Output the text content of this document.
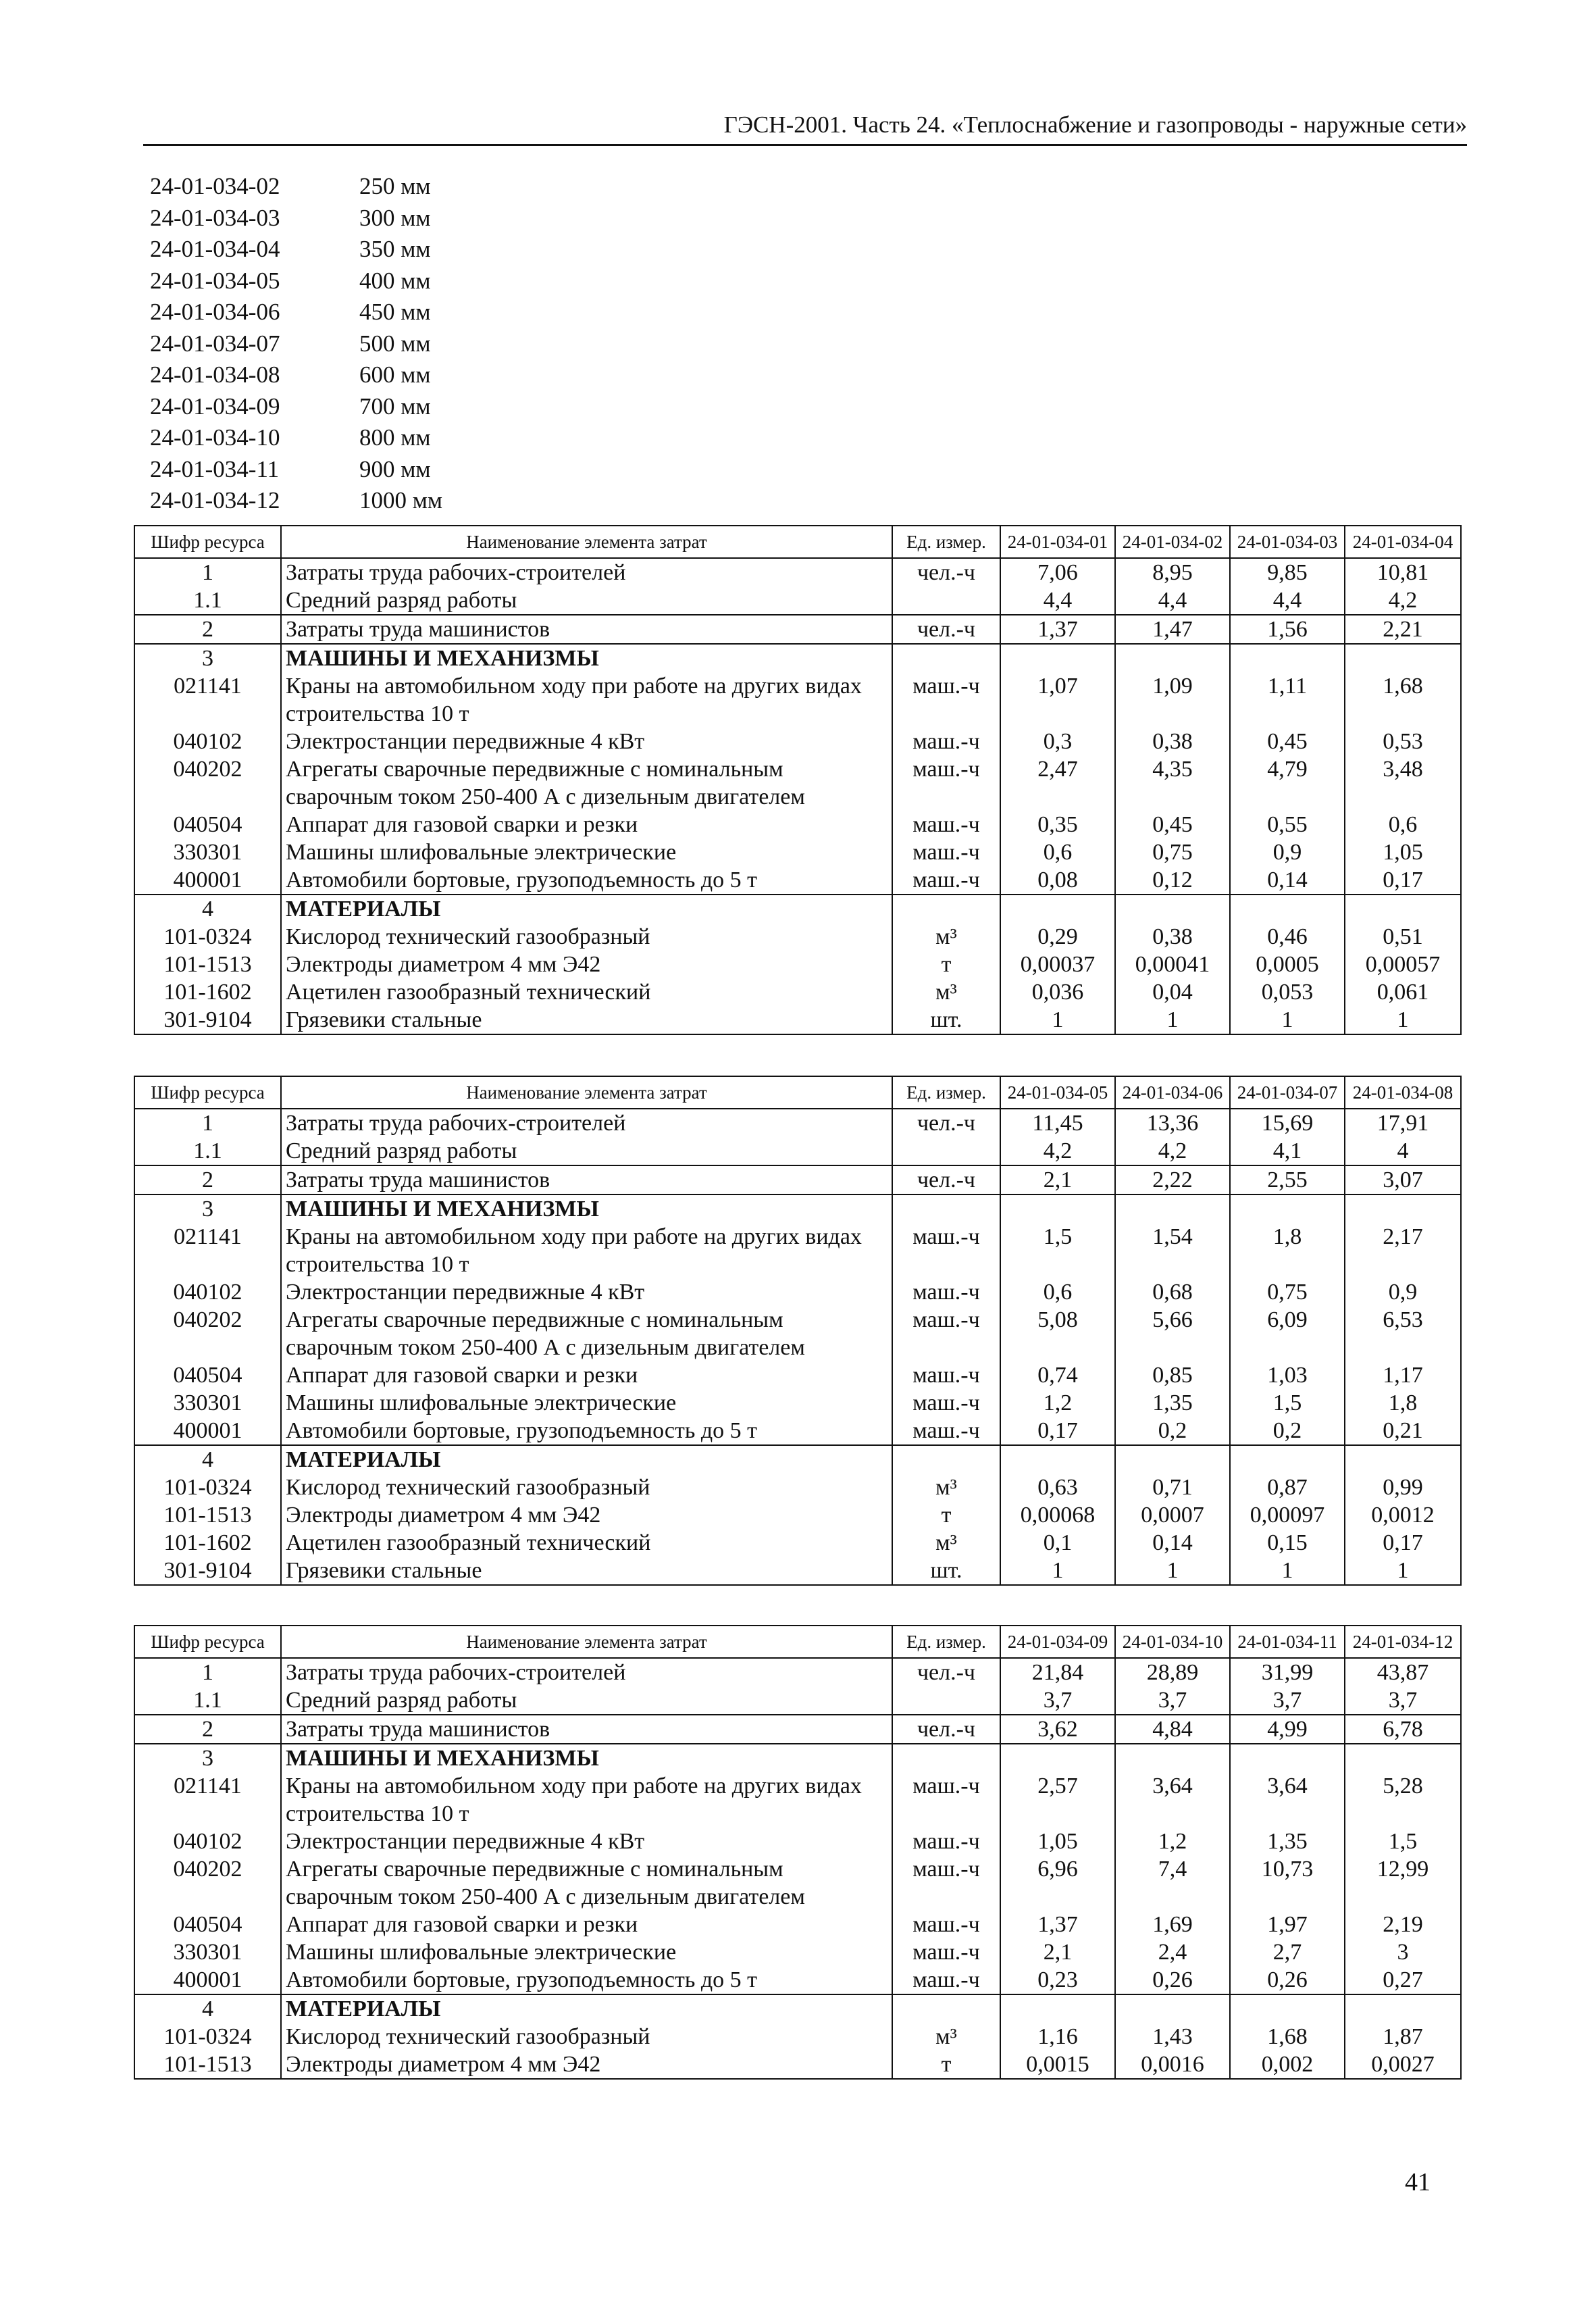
ГЭСН-2001. Часть 24. «Теплоснабжение и газопроводы - наружные сети»
24-01-034-02	250 мм
24-01-034-03	300 мм
24-01-034-04	350 мм
24-01-034-05	400 мм
24-01-034-06	450 мм
24-01-034-07	500 мм
24-01-034-08	600 мм
24-01-034-09	700 мм
24-01-034-10	800 мм
24-01-034-11	900 мм
24-01-034-12	1000 мм
Шифр ресурса	Наименование элемента затрат	Ед. измер.	24-01-034-01	24-01-034-02	24-01-034-03	24-01-034-04
1	Затраты труда рабочих-строителей	чел.-ч	7,06	8,95	9,85	10,81
1.1	Средний разряд работы		4,4	4,4	4,4	4,2
2	Затраты труда машинистов	чел.-ч	1,37	1,47	1,56	2,21
3	МАШИНЫ И МЕХАНИЗМЫ					
021141	Краны на автомобильном ходу при работе на других видах строительства 10 т	маш.-ч	1,07	1,09	1,11	1,68
040102	Электростанции передвижные 4 кВт	маш.-ч	0,3	0,38	0,45	0,53
040202	Агрегаты сварочные передвижные с номинальным сварочным током 250-400 А с дизельным двигателем	маш.-ч	2,47	4,35	4,79	3,48
040504	Аппарат для газовой сварки и резки	маш.-ч	0,35	0,45	0,55	0,6
330301	Машины шлифовальные электрические	маш.-ч	0,6	0,75	0,9	1,05
400001	Автомобили бортовые, грузоподъемность до 5 т	маш.-ч	0,08	0,12	0,14	0,17
4	МАТЕРИАЛЫ					
101-0324	Кислород технический газообразный	м³	0,29	0,38	0,46	0,51
101-1513	Электроды диаметром 4 мм Э42	т	0,00037	0,00041	0,0005	0,00057
101-1602	Ацетилен газообразный технический	м³	0,036	0,04	0,053	0,061
301-9104	Грязевики стальные	шт.	1	1	1	1
Шифр ресурса	Наименование элемента затрат	Ед. измер.	24-01-034-05	24-01-034-06	24-01-034-07	24-01-034-08
1	Затраты труда рабочих-строителей	чел.-ч	11,45	13,36	15,69	17,91
1.1	Средний разряд работы		4,2	4,2	4,1	4
2	Затраты труда машинистов	чел.-ч	2,1	2,22	2,55	3,07
3	МАШИНЫ И МЕХАНИЗМЫ					
021141	Краны на автомобильном ходу при работе на других видах строительства 10 т	маш.-ч	1,5	1,54	1,8	2,17
040102	Электростанции передвижные 4 кВт	маш.-ч	0,6	0,68	0,75	0,9
040202	Агрегаты сварочные передвижные с номинальным сварочным током 250-400 А с дизельным двигателем	маш.-ч	5,08	5,66	6,09	6,53
040504	Аппарат для газовой сварки и резки	маш.-ч	0,74	0,85	1,03	1,17
330301	Машины шлифовальные электрические	маш.-ч	1,2	1,35	1,5	1,8
400001	Автомобили бортовые, грузоподъемность до 5 т	маш.-ч	0,17	0,2	0,2	0,21
4	МАТЕРИАЛЫ					
101-0324	Кислород технический газообразный	м³	0,63	0,71	0,87	0,99
101-1513	Электроды диаметром 4 мм Э42	т	0,00068	0,0007	0,00097	0,0012
101-1602	Ацетилен газообразный технический	м³	0,1	0,14	0,15	0,17
301-9104	Грязевики стальные	шт.	1	1	1	1
Шифр ресурса	Наименование элемента затрат	Ед. измер.	24-01-034-09	24-01-034-10	24-01-034-11	24-01-034-12
1	Затраты труда рабочих-строителей	чел.-ч	21,84	28,89	31,99	43,87
1.1	Средний разряд работы		3,7	3,7	3,7	3,7
2	Затраты труда машинистов	чел.-ч	3,62	4,84	4,99	6,78
3	МАШИНЫ И МЕХАНИЗМЫ					
021141	Краны на автомобильном ходу при работе на других видах строительства 10 т	маш.-ч	2,57	3,64	3,64	5,28
040102	Электростанции передвижные 4 кВт	маш.-ч	1,05	1,2	1,35	1,5
040202	Агрегаты сварочные передвижные с номинальным сварочным током 250-400 А с дизельным двигателем	маш.-ч	6,96	7,4	10,73	12,99
040504	Аппарат для газовой сварки и резки	маш.-ч	1,37	1,69	1,97	2,19
330301	Машины шлифовальные электрические	маш.-ч	2,1	2,4	2,7	3
400001	Автомобили бортовые, грузоподъемность до 5 т	маш.-ч	0,23	0,26	0,26	0,27
4	МАТЕРИАЛЫ					
101-0324	Кислород технический газообразный	м³	1,16	1,43	1,68	1,87
101-1513	Электроды диаметром 4 мм Э42	т	0,0015	0,0016	0,002	0,0027
41
